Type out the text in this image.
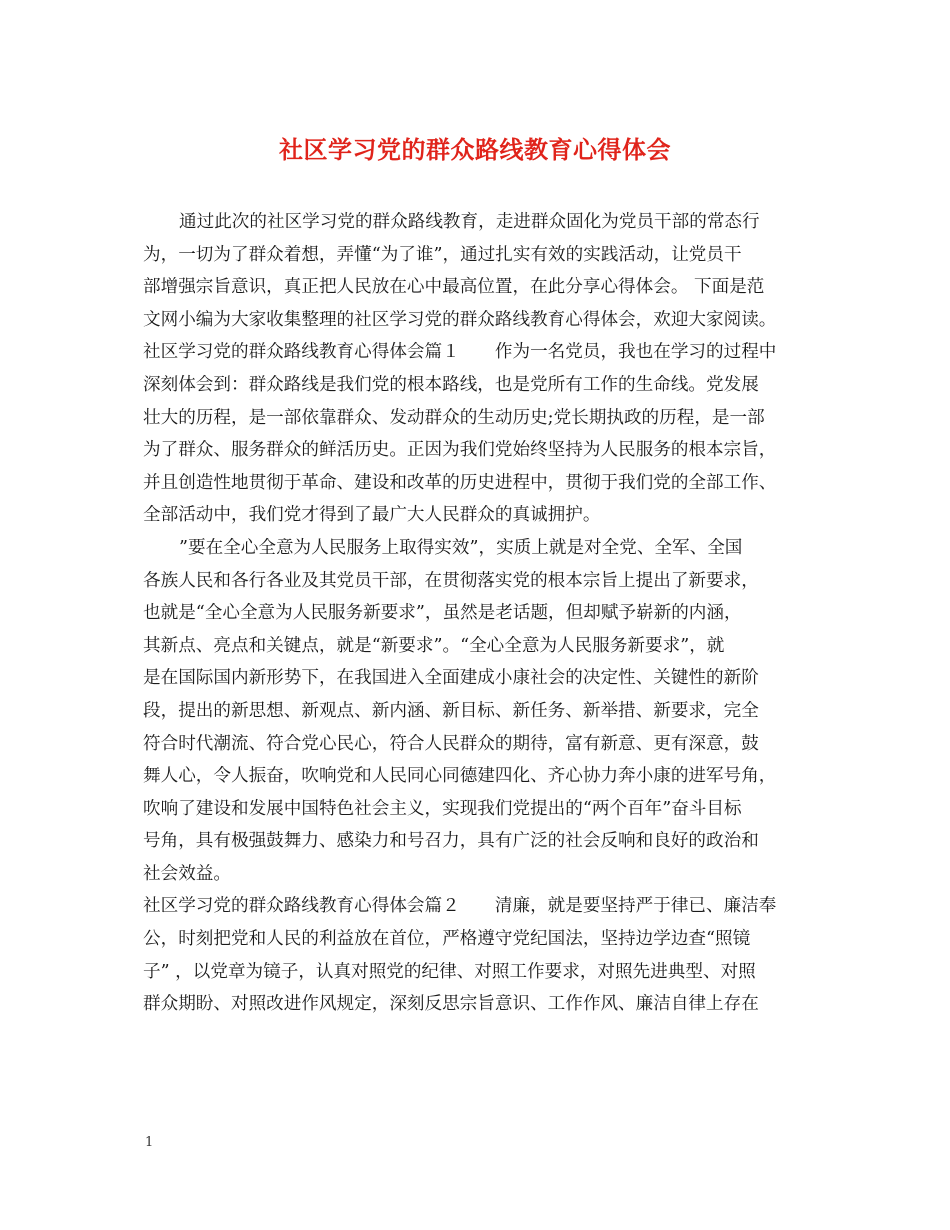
社区学习党的群众路线教育心得体会
通过此次的社区学习党的群众路线教育，走进群众固化为党员干部的常态行
为，一切为了群众着想，弄懂“为了谁”，通过扎实有效的实践活动，让党员干
部增强宗旨意识，真正把人民放在心中最高位置，在此分享心得体会。 下面是范
文网小编为大家收集整理的社区学习党的群众路线教育心得体会，欢迎大家阅读。
社区学习党的群众路线教育心得体会篇１　　作为一名党员，我也在学习的过程中
深刻体会到：群众路线是我们党的根本路线，也是党所有工作的生命线。党发展
壮大的历程，是一部依靠群众、发动群众的生动历史;党长期执政的历程，是一部
为了群众、服务群众的鲜活历史。正因为我们党始终坚持为人民服务的根本宗旨，
并且创造性地贯彻于革命、建设和改革的历史进程中，贯彻于我们党的全部工作、
全部活动中，我们党才得到了最广大人民群众的真诚拥护。
”要在全心全意为人民服务上取得实效”，实质上就是对全党、全军、全国
各族人民和各行各业及其党员干部，在贯彻落实党的根本宗旨上提出了新要求，
也就是“全心全意为人民服务新要求”，虽然是老话题，但却赋予崭新的内涵，
其新点、亮点和关键点，就是“新要求”。“全心全意为人民服务新要求”，就
是在国际国内新形势下，在我国进入全面建成小康社会的决定性、关键性的新阶
段，提出的新思想、新观点、新内涵、新目标、新任务、新举措、新要求，完全
符合时代潮流、符合党心民心，符合人民群众的期待，富有新意、更有深意，鼓
舞人心，令人振奋，吹响党和人民同心同德建四化、齐心协力奔小康的进军号角，
吹响了建设和发展中国特色社会主义，实现我们党提出的“两个百年”奋斗目标
号角，具有极强鼓舞力、感染力和号召力，具有广泛的社会反响和良好的政治和
社会效益。
社区学习党的群众路线教育心得体会篇２　　清廉，就是要坚持严于律已、廉洁奉
公，时刻把党和人民的利益放在首位，严格遵守党纪国法，坚持边学边查“照镜
子” ，以党章为镜子，认真对照党的纪律、对照工作要求，对照先进典型、对照
群众期盼、对照改进作风规定，深刻反思宗旨意识、工作作风、廉洁自律上存在
1
